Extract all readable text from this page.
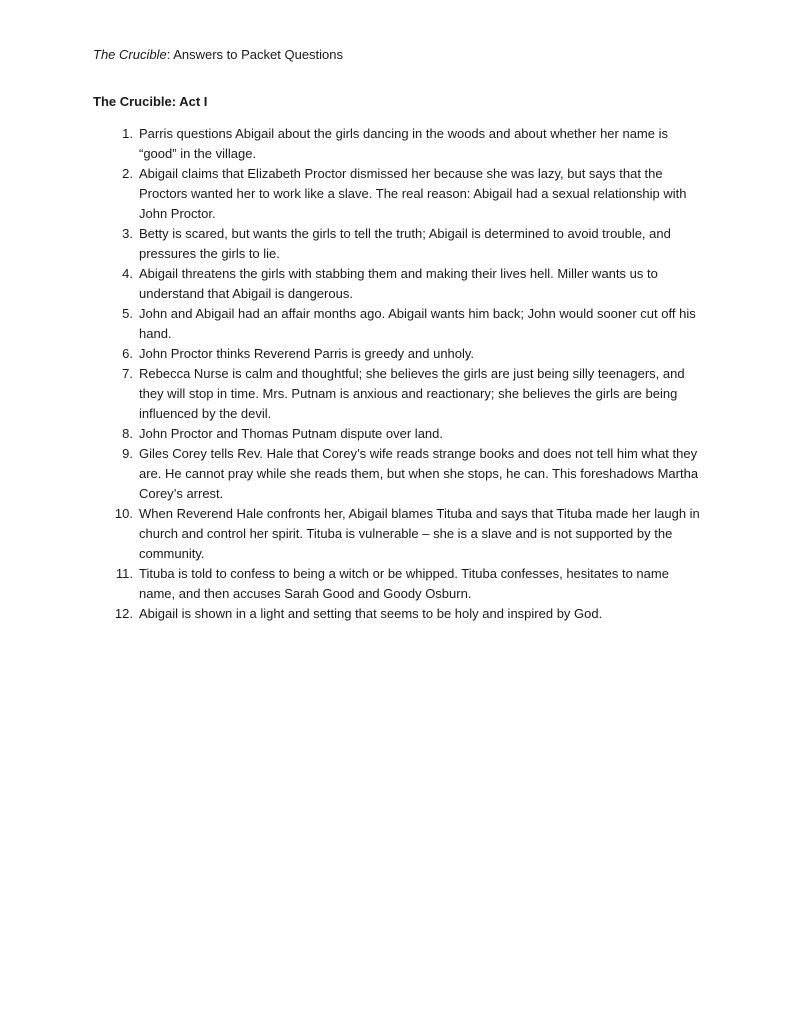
The Crucible: Answers to Packet Questions
The Crucible: Act I
1. Parris questions Abigail about the girls dancing in the woods and about whether her name is “good” in the village.
2. Abigail claims that Elizabeth Proctor dismissed her because she was lazy, but says that the Proctors wanted her to work like a slave. The real reason: Abigail had a sexual relationship with John Proctor.
3. Betty is scared, but wants the girls to tell the truth; Abigail is determined to avoid trouble, and pressures the girls to lie.
4. Abigail threatens the girls with stabbing them and making their lives hell. Miller wants us to understand that Abigail is dangerous.
5. John and Abigail had an affair months ago. Abigail wants him back; John would sooner cut off his hand.
6. John Proctor thinks Reverend Parris is greedy and unholy.
7. Rebecca Nurse is calm and thoughtful; she believes the girls are just being silly teenagers, and they will stop in time. Mrs. Putnam is anxious and reactionary; she believes the girls are being influenced by the devil.
8. John Proctor and Thomas Putnam dispute over land.
9. Giles Corey tells Rev. Hale that Corey’s wife reads strange books and does not tell him what they are. He cannot pray while she reads them, but when she stops, he can. This foreshadows Martha Corey’s arrest.
10. When Reverend Hale confronts her, Abigail blames Tituba and says that Tituba made her laugh in church and control her spirit. Tituba is vulnerable – she is a slave and is not supported by the community.
11. Tituba is told to confess to being a witch or be whipped. Tituba confesses, hesitates to name name, and then accuses Sarah Good and Goody Osburn.
12. Abigail is shown in a light and setting that seems to be holy and inspired by God.
